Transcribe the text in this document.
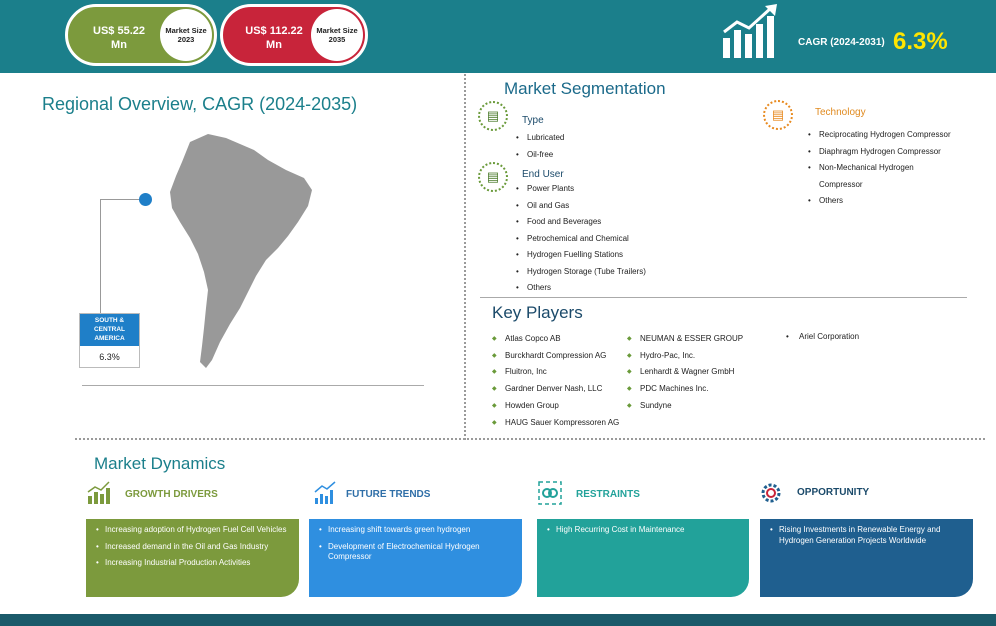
US$ 55.22 Mn
Market Size 2023
US$ 112.22 Mn
Market Size 2035	CAGR (2024-2031) 6.3%
Regional Overview, CAGR (2024-2035)
SOUTH & CENTRAL AMERICA
6.3%
Market Segmentation
▤	Type
• Lubricated
• Oil-free
▤	End User
• Power Plants
• Oil and Gas
• Food and Beverages
• Petrochemical and Chemical
• Hydrogen Fuelling Stations
• Hydrogen Storage (Tube Trailers)
• Others
▤	Technology
• Reciprocating Hydrogen Compressor
• Diaphragm Hydrogen Compressor
• Non-Mechanical Hydrogen Compressor
• Others
Key Players
◆ Atlas Copco AB
◆ Burckhardt Compression AG
◆ Fluitron, Inc
◆ Gardner Denver Nash, LLC
◆ Howden Group
◆ HAUG Sauer Kompressoren AG
◆ NEUMAN & ESSER GROUP
◆ Hydro-Pac, Inc.
◆ Lenhardt & Wagner GmbH
◆ PDC Machines Inc.
◆ Sundyne
• Ariel Corporation
Market Dynamics
GROWTH DRIVERS	FUTURE TRENDS	RESTRAINTS	OPPORTUNITY
• Increasing adoption of Hydrogen Fuel Cell Vehicles
• Increased demand in the Oil and Gas Industry
• Increasing Industrial Production Activities
• Increasing shift towards green hydrogen
• Development of Electrochemical Hydrogen Compressor
• High Recurring Cost in Maintenance
•	Rising Investments in Renewable Energy and Hydrogen Generation Projects Worldwide
